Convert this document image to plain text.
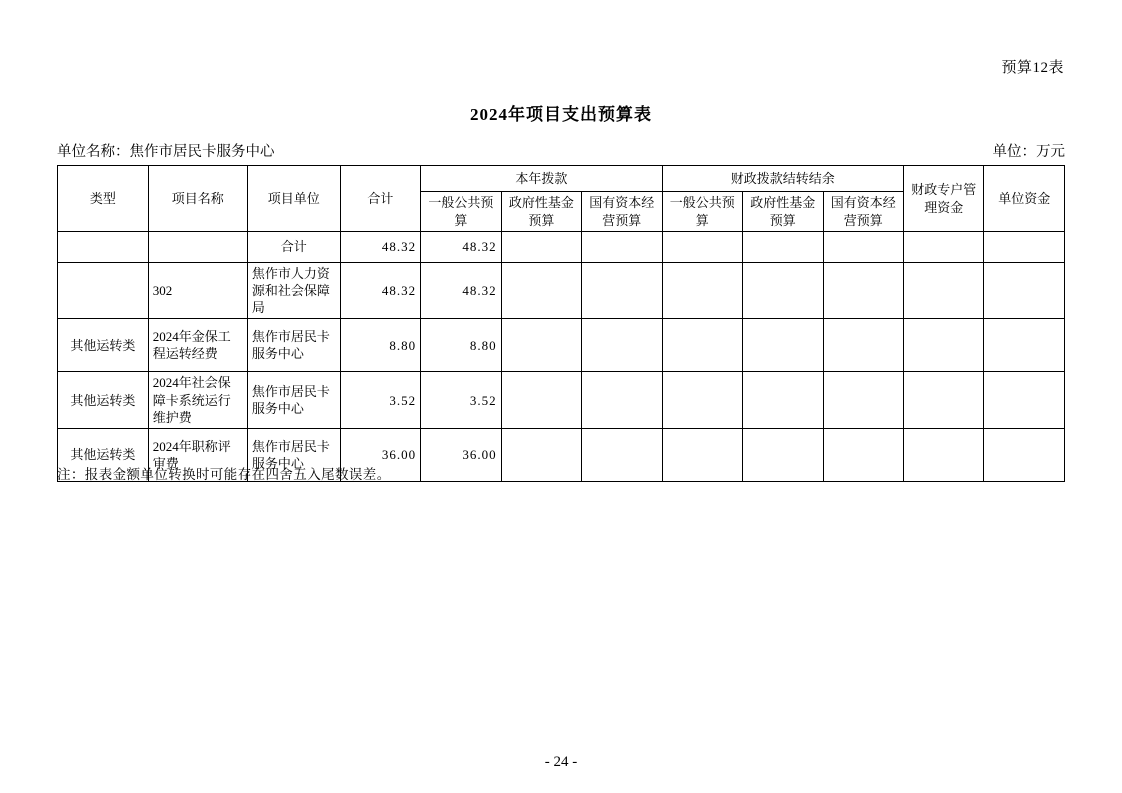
预算12表
2024年项目支出预算表
单位名称：焦作市居民卡服务中心	单位：万元
类型	项目名称	项目单位	合计	本年拨款			财政拨款结转结余			财政专户管理资金	单位资金
				一般公共预算	政府性基金预算	国有资本经营预算	一般公共预算	政府性基金预算	国有资本经营预算		
		合计	48.32	48.32							
	302	焦作市人力资源和社会保障局	48.32	48.32							
其他运转类	2024年金保工程运转经费	焦作市居民卡服务中心	8.80	8.80							
其他运转类	2024年社会保障卡系统运行维护费	焦作市居民卡服务中心	3.52	3.52							
其他运转类	2024年职称评审费	焦作市居民卡服务中心	36.00	36.00							
注：报表金额单位转换时可能存在四舍五入尾数误差。
- 24 -
